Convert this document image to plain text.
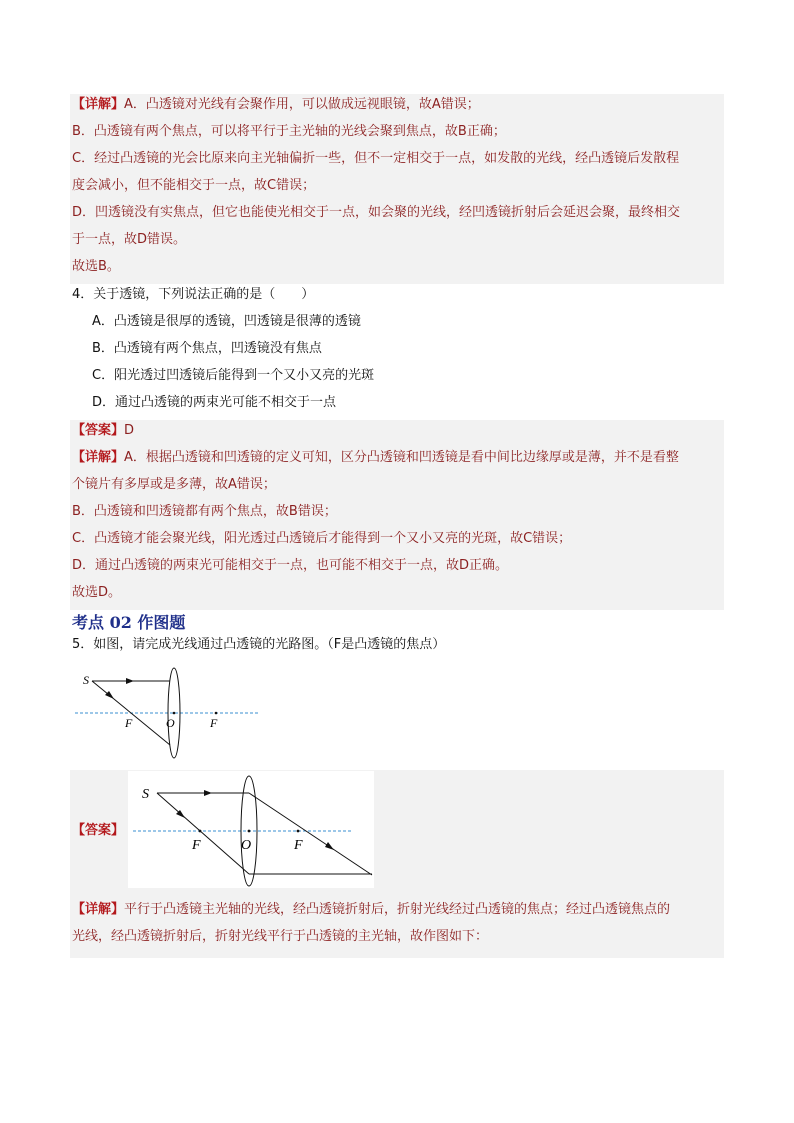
【详解】A．凸透镜对光线有会聚作用，可以做成远视眼镜，故A错误；
B．凸透镜有两个焦点，可以将平行于主光轴的光线会聚到焦点，故B正确；
C．经过凸透镜的光会比原来向主光轴偏折一些，但不一定相交于一点，如发散的光线，经凸透镜后发散程
度会减小，但不能相交于一点，故C错误；
D．凹透镜没有实焦点，但它也能使光相交于一点，如会聚的光线，经凹透镜折射后会延迟会聚，最终相交
于一点，故D错误。
故选B。
4．关于透镜，下列说法正确的是（　　）
A．凸透镜是很厚的透镜，凹透镜是很薄的透镜
B．凸透镜有两个焦点，凹透镜没有焦点
C．阳光透过凹透镜后能得到一个又小又亮的光斑
D．通过凸透镜的两束光可能不相交于一点
【答案】D
【详解】A．根据凸透镜和凹透镜的定义可知，区分凸透镜和凹透镜是看中间比边缘厚或是薄，并不是看整
个镜片有多厚或是多薄，故A错误；
B．凸透镜和凹透镜都有两个焦点，故B错误；
C．凸透镜才能会聚光线，阳光透过凸透镜后才能得到一个又小又亮的光斑，故C错误；
D．通过凸透镜的两束光可能相交于一点，也可能不相交于一点，故D正确。
故选D。
考点 02 作图题
5．如图，请完成光线通过凸透镜的光路图。（F是凸透镜的焦点）
S
F	O	F
【答案】
S
F	O	F
【详解】平行于凸透镜主光轴的光线，经凸透镜折射后，折射光线经过凸透镜的焦点；经过凸透镜焦点的
光线，经凸透镜折射后，折射光线平行于凸透镜的主光轴，故作图如下：
